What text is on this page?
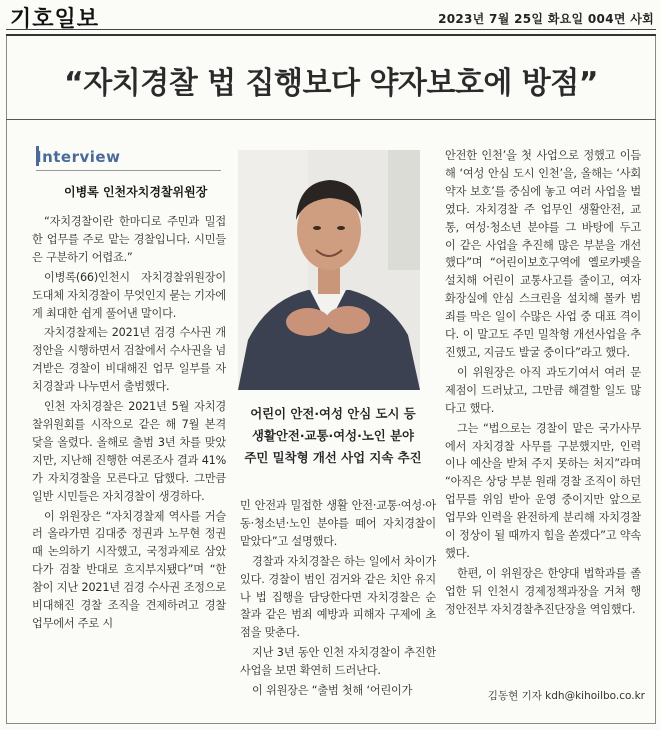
기호일보	2023년 7월 25일 화요일 004면 사회
“자치경찰 법 집행보다 약자보호에 방점”
Interview
이병록 인천자치경찰위원장

“자치경찰이란 한마디로 주민과 밀접한 업무를 주로 맡는 경찰입니다. 시민들은 구분하기 어렵죠.”

이병록(66)인천시 자치경찰위원장이 도대체 자치경찰이 무엇인지 묻는 기자에게 최대한 쉽게 풀어낸 말이다.

자치경찰제는 2021년 검경 수사권 개정안을 시행하면서 검찰에서 수사권을 넘겨받은 경찰이 비대해진 업무 일부를 자치경찰과 나누면서 출범했다.

인천 자치경찰은 2021년 5월 자치경찰위원회를 시작으로 같은 해 7월 본격 닻을 올렸다. 올해로 출범 3년 차를 맞았지만, 지난해 진행한 여론조사 결과 41%가 자치경찰을 모른다고 답했다. 그만큼 일반 시민들은 자치경찰이 생경하다.

이 위원장은 “자치경찰제 역사를 거슬러 올라가면 김대중 정권과 노무현 정권 때 논의하기 시작했고, 국정과제로 삼았다가 검찰 반대로 흐지부지됐다”며 “한참이 지난 2021년 검경 수사권 조정으로 비대해진 경찰 조직을 견제하려고 경찰 업무에서 주로 시

어린이 안전·여성 안심 도시 등
생활안전·교통·여성·노인 분야
주민 밀착형 개선 사업 지속 추진

민 안전과 밀접한 생활 안전·교통·여성·아동·청소년·노인 분야를 떼어 자치경찰이 맡았다”고 설명했다.

경찰과 자치경찰은 하는 일에서 차이가 있다. 경찰이 범인 검거와 같은 치안 유지나 법 집행을 담당한다면 자치경찰은 순찰과 같은 범죄 예방과 피해자 구제에 초점을 맞춘다.

지난 3년 동안 인천 자치경찰이 추진한 사업을 보면 확연히 드러난다.

이 위원장은 “출범 첫해 ‘어린이가

안전한 인천’을 첫 사업으로 정했고 이듬해 ‘여성 안심 도시 인천’을, 올해는 ‘사회 약자 보호’를 중심에 놓고 여러 사업을 벌였다. 자치경찰 주 업무인 생활안전, 교통, 여성·청소년 분야를 그 바탕에 두고 이 같은 사업을 추진해 많은 부분을 개선했다”며 “어린이보호구역에 옐로카펫을 설치해 어린이 교통사고를 줄이고, 여자 화장실에 안심 스크린을 설치해 몰카 범죄를 막은 일이 수많은 사업 중 대표 격이다. 이 말고도 주민 밀착형 개선사업을 추진했고, 지금도 발굴 중이다”라고 했다.

이 위원장은 아직 과도기여서 여러 문제점이 드러났고, 그만큼 해결할 일도 많다고 했다.

그는 “법으로는 경찰이 맡은 국가사무에서 자치경찰 사무를 구분했지만, 인력이나 예산을 받쳐 주지 못하는 처지”라며 “아직은 상당 부분 원래 경찰 조직이 하던 업무를 위임 받아 운영 중이지만 앞으로 업무와 인력을 완전하게 분리해 자치경찰이 정상이 될 때까지 힘을 쏟겠다”고 약속했다.

한편, 이 위원장은 한양대 법학과를 졸업한 뒤 인천시 경제정책과장을 거쳐 행정안전부 자치경찰추진단장을 역임했다.

김동현 기자 kdh@kihoilbo.co.kr
